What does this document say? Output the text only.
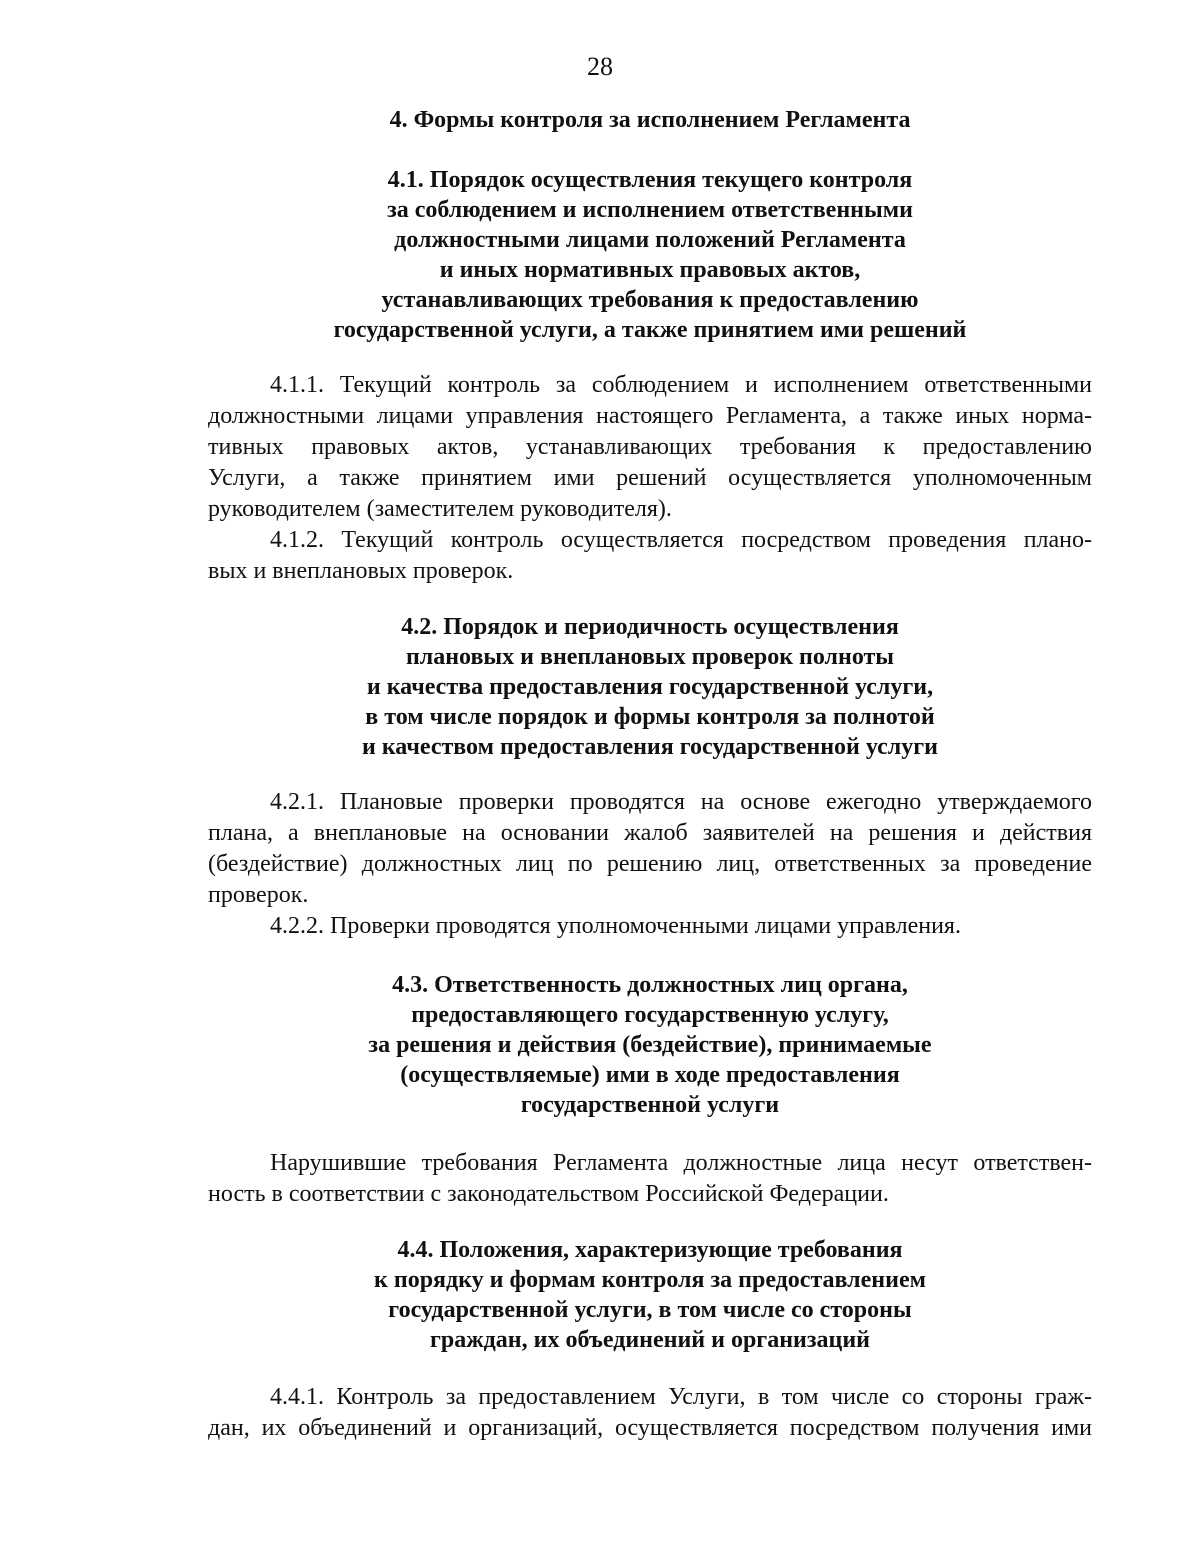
28
4. Формы контроля за исполнением Регламента
4.1. Порядок осуществления текущего контроля
за соблюдением и исполнением ответственными
должностными лицами положений Регламента
и иных нормативных правовых актов,
устанавливающих требования к предоставлению
государственной услуги, а также принятием ими решений
4.1.1. Текущий контроль за соблюдением и исполнением ответственными
должностными лицами управления настоящего Регламента, а также иных норма-
тивных правовых актов, устанавливающих требования к предоставлению
Услуги, а также принятием ими решений осуществляется уполномоченным
руководителем (заместителем руководителя).
4.1.2. Текущий контроль осуществляется посредством проведения плано-
вых и внеплановых проверок.
4.2. Порядок и периодичность осуществления
плановых и внеплановых проверок полноты
и качества предоставления государственной услуги,
в том числе порядок и формы контроля за полнотой
и качеством предоставления государственной услуги
4.2.1. Плановые проверки проводятся на основе ежегодно утверждаемого
плана, а внеплановые на основании жалоб заявителей на решения и действия
(бездействие) должностных лиц по решению лиц, ответственных за проведение
проверок.
4.2.2. Проверки проводятся уполномоченными лицами управления.
4.3. Ответственность должностных лиц органа,
предоставляющего государственную услугу,
за решения и действия (бездействие), принимаемые
(осуществляемые) ими в ходе предоставления
государственной услуги
Нарушившие требования Регламента должностные лица несут ответствен-
ность в соответствии с законодательством Российской Федерации.
4.4. Положения, характеризующие требования
к порядку и формам контроля за предоставлением
государственной услуги, в том числе со стороны
граждан, их объединений и организаций
4.4.1. Контроль за предоставлением Услуги, в том числе со стороны граж-
дан, их объединений и организаций, осуществляется посредством получения ими
